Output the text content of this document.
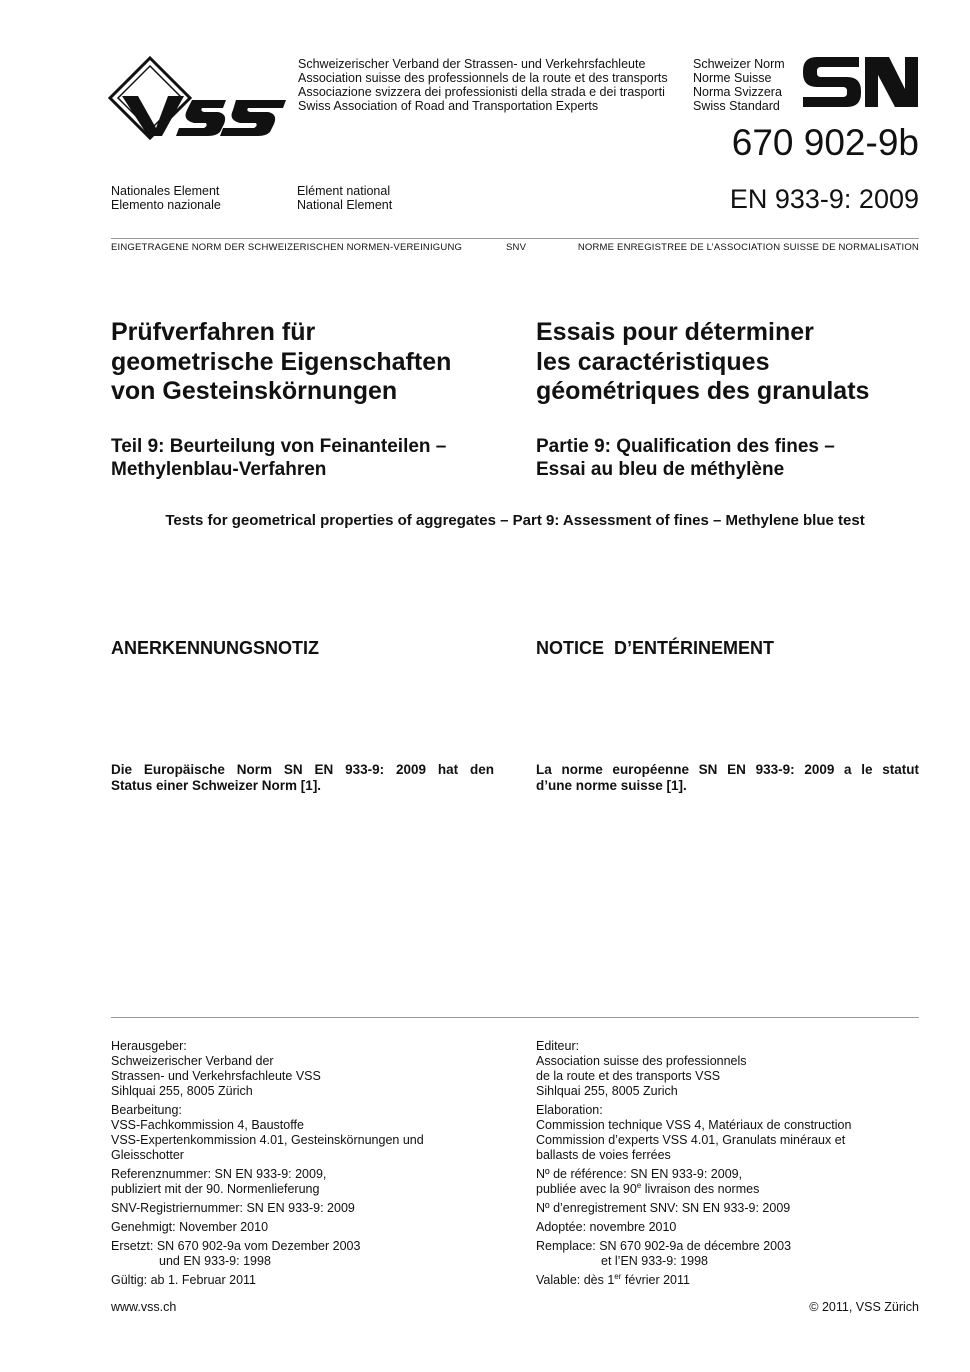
Schweizerischer Verband der Strassen- und Verkehrsfachleute
Association suisse des professionnels de la route et des transports
Associazione svizzera dei professionisti della strada e dei trasporti
Swiss Association of Road and Transportation Experts
Schweizer Norm
Norme Suisse
Norma Svizzera
Swiss Standard
670 902-9b
EN 933-9: 2009
Nationales Element
Elemento nazionale
Elément national
National Element
EINGETRAGENE NORM DER SCHWEIZERISCHEN NORMEN-VEREINIGUNG	SNV	NORME ENREGISTREE DE L’ASSOCIATION SUISSE DE NORMALISATION
Prüfverfahren für
geometrische Eigenschaften
von Gesteinskörnungen
Essais pour déterminer
les caractéristiques
géométriques des granulats
Teil 9: Beurteilung von Feinanteilen –
Methylenblau-Verfahren
Partie 9: Qualification des fines –
Essai au bleu de méthylène
Tests for geometrical properties of aggregates – Part 9: Assessment of fines – Methylene blue test
ANERKENNUNGSNOTIZ	NOTICE  D’ENTÉRINEMENT
Die Europäische Norm SN EN 933-9: 2009 hat den
Status einer Schweizer Norm [1].
La norme européenne SN EN 933-9: 2009 a le statut
d’une norme suisse [1].
Herausgeber:
Schweizerischer Verband der
Strassen- und Verkehrsfachleute VSS
Sihlquai 255, 8005 Zürich
Bearbeitung:
VSS-Fachkommission 4, Baustoffe
VSS-Expertenkommission 4.01, Gesteinskörnungen und
Gleisschotter
Referenznummer: SN EN 933-9: 2009,
publiziert mit der 90. Normenlieferung
SNV-Registriernummer: SN EN 933-9: 2009
Genehmigt: November 2010
Ersetzt: SN 670 902-9a vom Dezember 2003
und EN 933-9: 1998
Gültig: ab 1. Februar 2011
Editeur:
Association suisse des professionnels
de la route et des transports VSS
Sihlquai 255, 8005 Zurich
Elaboration:
Commission technique VSS 4, Matériaux de construction
Commission d’experts VSS 4.01, Granulats minéraux et
ballasts de voies ferrées
Nº de référence: SN EN 933-9: 2009,
publiée avec la 90e livraison des normes
Nº d’enregistrement SNV: SN EN 933-9: 2009
Adoptée: novembre 2010
Remplace: SN 670 902-9a de décembre 2003
et l’EN 933-9: 1998
Valable: dès 1er février 2011
www.vss.ch	© 2011, VSS Zürich
